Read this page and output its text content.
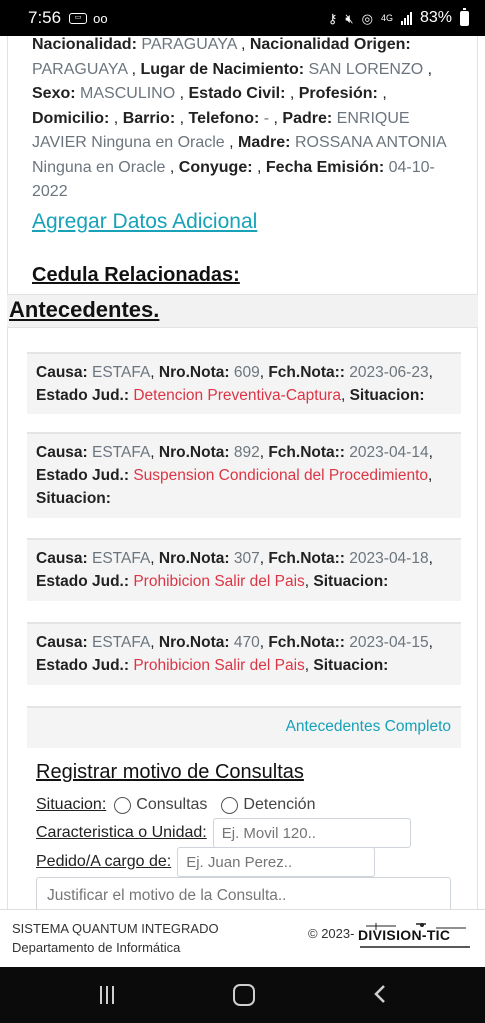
7:56	▭ oo	⚷ 🔇︎ ◎ 4G 83%
Nacionalidad: PARAGUAYA , Nacionalidad Origen: PARAGUAYA , Lugar de Nacimiento: SAN LORENZO , Sexo: MASCULINO , Estado Civil: , Profesión: , Domicilio: , Barrio: , Telefono: - , Padre: ENRIQUE JAVIER Ninguna en Oracle , Madre: ROSSANA ANTONIA Ninguna en Oracle , Conyuge: , Fecha Emisión: 04-10-2022
Agregar Datos Adicional
Cedula Relacionadas:
Antecedentes.
Causa: ESTAFA, Nro.Nota: 609, Fch.Nota:: 2023-06-23, Estado Jud.: Detencion Preventiva-Captura, Situacion:
Causa: ESTAFA, Nro.Nota: 892, Fch.Nota:: 2023-04-14, Estado Jud.: Suspension Condicional del Procedimiento, Situacion:
Causa: ESTAFA, Nro.Nota: 307, Fch.Nota:: 2023-04-18, Estado Jud.: Prohibicion Salir del Pais, Situacion:
Causa: ESTAFA, Nro.Nota: 470, Fch.Nota:: 2023-04-15, Estado Jud.: Prohibicion Salir del Pais, Situacion:
Antecedentes Completo
Registrar motivo de Consultas
Situacion: Consultas Detención
Caracteristica o Unidad:
Ej. Movil 120..
Pedido/A cargo de:
Ej. Juan Perez..
Justificar el motivo de la Consulta..
SISTEMA QUANTUM INTEGRADO
Departamento de Informática
© 2023- DIVISION-TIC
